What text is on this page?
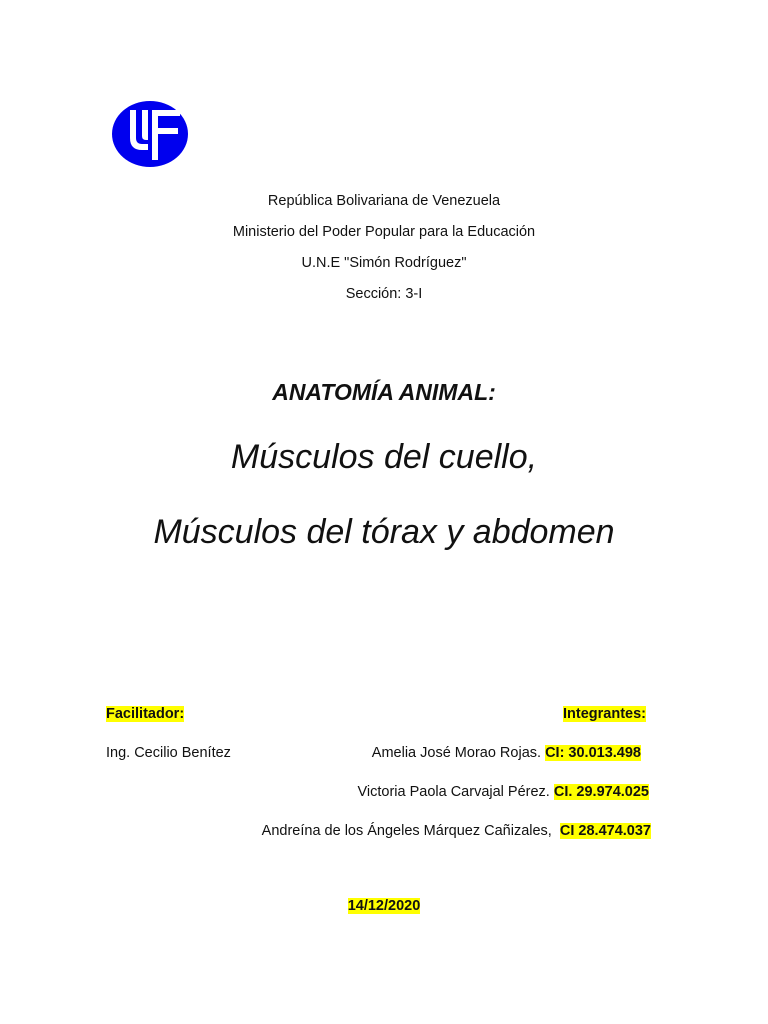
República Bolivariana de Venezuela
Ministerio del Poder Popular para la Educación
U.N.E "Simón Rodríguez"
Sección: 3-I
ANATOMÍA ANIMAL:
Músculos del cuello,
Músculos del tórax y abdomen
Facilitador:	Integrantes:
Ing. Cecilio Benítez	Amelia José Morao Rojas. CI: 30.013.498
Victoria Paola Carvajal Pérez. CI. 29.974.025
Andreína de los Ángeles Márquez Cañizales,  CI 28.474.037
14/12/2020
